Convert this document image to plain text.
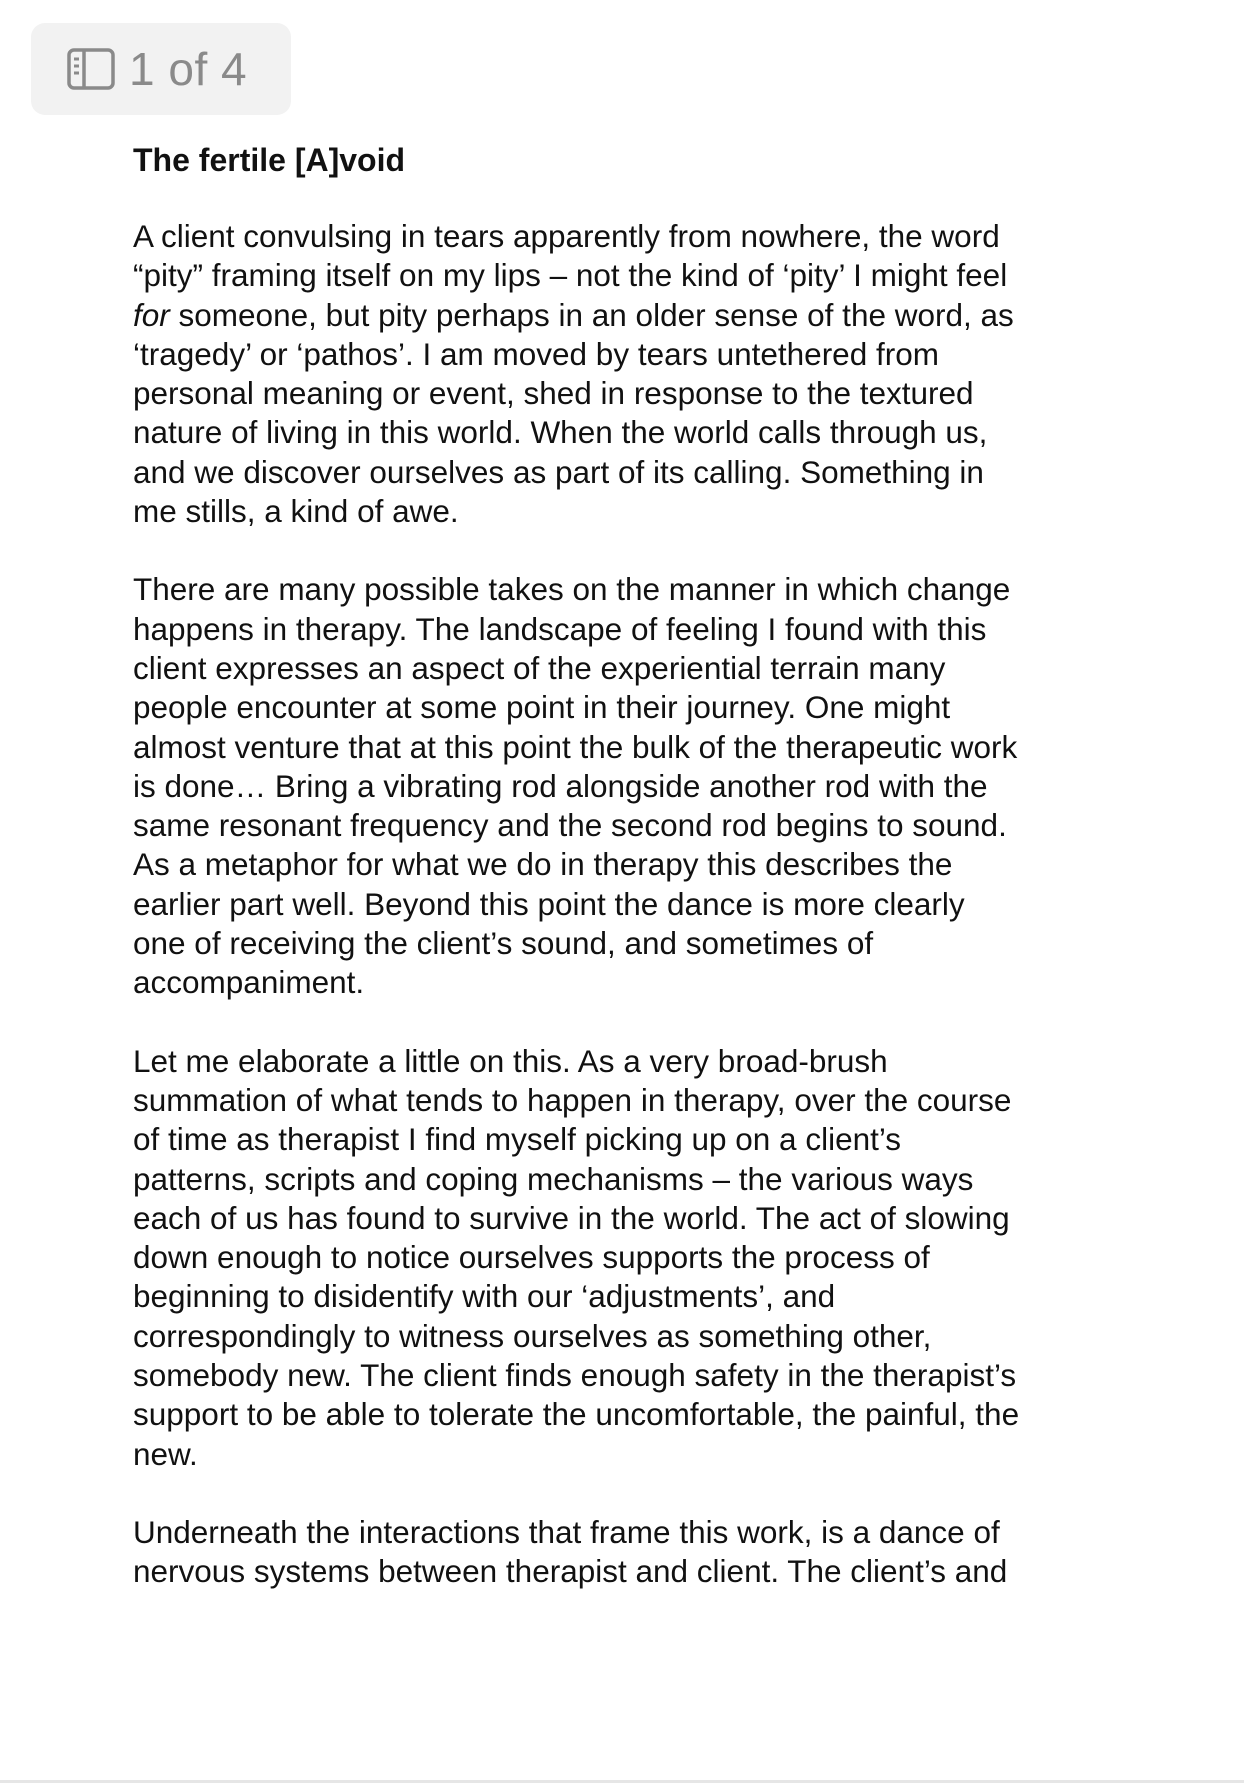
1 of 4
The fertile [A]void

A client convulsing in tears apparently from nowhere, the word
“pity” framing itself on my lips – not the kind of ‘pity’ I might feel
for someone, but pity perhaps in an older sense of the word, as
‘tragedy’ or ‘pathos’. I am moved by tears untethered from
personal meaning or event, shed in response to the textured
nature of living in this world. When the world calls through us,
and we discover ourselves as part of its calling. Something in
me stills, a kind of awe.

There are many possible takes on the manner in which change
happens in therapy. The landscape of feeling I found with this
client expresses an aspect of the experiential terrain many
people encounter at some point in their journey. One might
almost venture that at this point the bulk of the therapeutic work
is done… Bring a vibrating rod alongside another rod with the
same resonant frequency and the second rod begins to sound.
As a metaphor for what we do in therapy this describes the
earlier part well. Beyond this point the dance is more clearly
one of receiving the client’s sound, and sometimes of
accompaniment.

Let me elaborate a little on this. As a very broad-brush
summation of what tends to happen in therapy, over the course
of time as therapist I find myself picking up on a client’s
patterns, scripts and coping mechanisms – the various ways
each of us has found to survive in the world. The act of slowing
down enough to notice ourselves supports the process of
beginning to disidentify with our ‘adjustments’, and
correspondingly to witness ourselves as something other,
somebody new. The client finds enough safety in the therapist’s
support to be able to tolerate the uncomfortable, the painful, the
new.

Underneath the interactions that frame this work, is a dance of
nervous systems between therapist and client. The client’s and
